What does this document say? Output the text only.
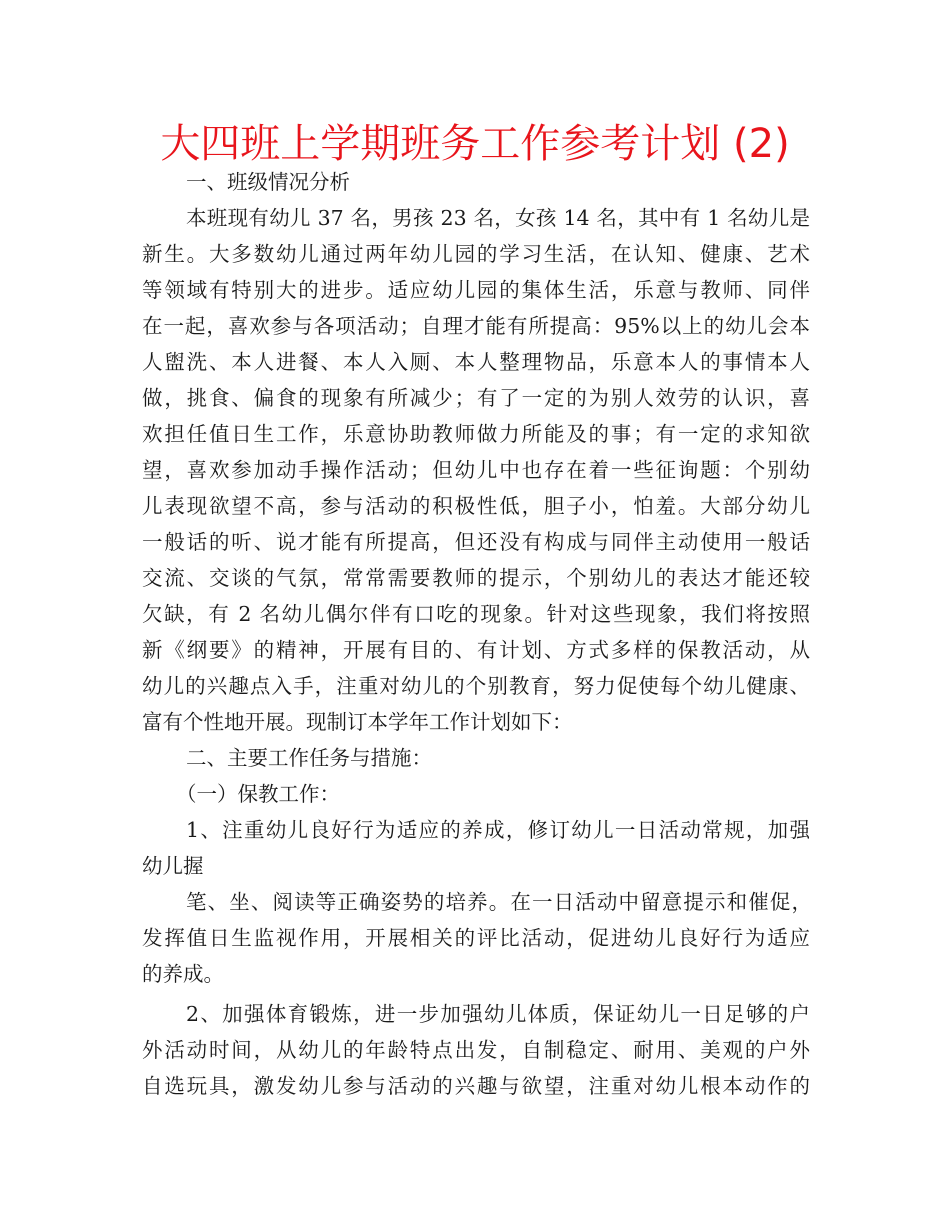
大四班上学期班务工作参考计划 (2)

一、班级情况分析

本班现有幼儿 37 名，男孩 23 名，女孩 14 名，其中有 1 名幼儿是

新生。大多数幼儿通过两年幼儿园的学习生活，在认知、健康、艺术

等领域有特别大的进步。适应幼儿园的集体生活，乐意与教师、同伴

在一起，喜欢参与各项活动；自理才能有所提高：95%以上的幼儿会本

人盥洗、本人进餐、本人入厕、本人整理物品，乐意本人的事情本人

做，挑食、偏食的现象有所减少；有了一定的为别人效劳的认识，喜

欢担任值日生工作，乐意协助教师做力所能及的事；有一定的求知欲

望，喜欢参加动手操作活动；但幼儿中也存在着一些征询题：个别幼

儿表现欲望不高，参与活动的积极性低，胆子小，怕羞。大部分幼儿

一般话的听、说才能有所提高，但还没有构成与同伴主动使用一般话

交流、交谈的气氛，常常需要教师的提示，个别幼儿的表达才能还较

欠缺，有 2 名幼儿偶尔伴有口吃的现象。针对这些现象，我们将按照

新《纲要》的精神，开展有目的、有计划、方式多样的保教活动，从

幼儿的兴趣点入手，注重对幼儿的个别教育，努力促使每个幼儿健康、

富有个性地开展。现制订本学年工作计划如下：

二、主要工作任务与措施：

（一）保教工作：

1、注重幼儿良好行为适应的养成，修订幼儿一日活动常规，加强

幼儿握

笔、坐、阅读等正确姿势的培养。在一日活动中留意提示和催促，

发挥值日生监视作用，开展相关的评比活动，促进幼儿良好行为适应

的养成。

2、加强体育锻炼，进一步加强幼儿体质，保证幼儿一日足够的户

外活动时间，从幼儿的年龄特点出发，自制稳定、耐用、美观的户外

自选玩具，激发幼儿参与活动的兴趣与欲望，注重对幼儿根本动作的
